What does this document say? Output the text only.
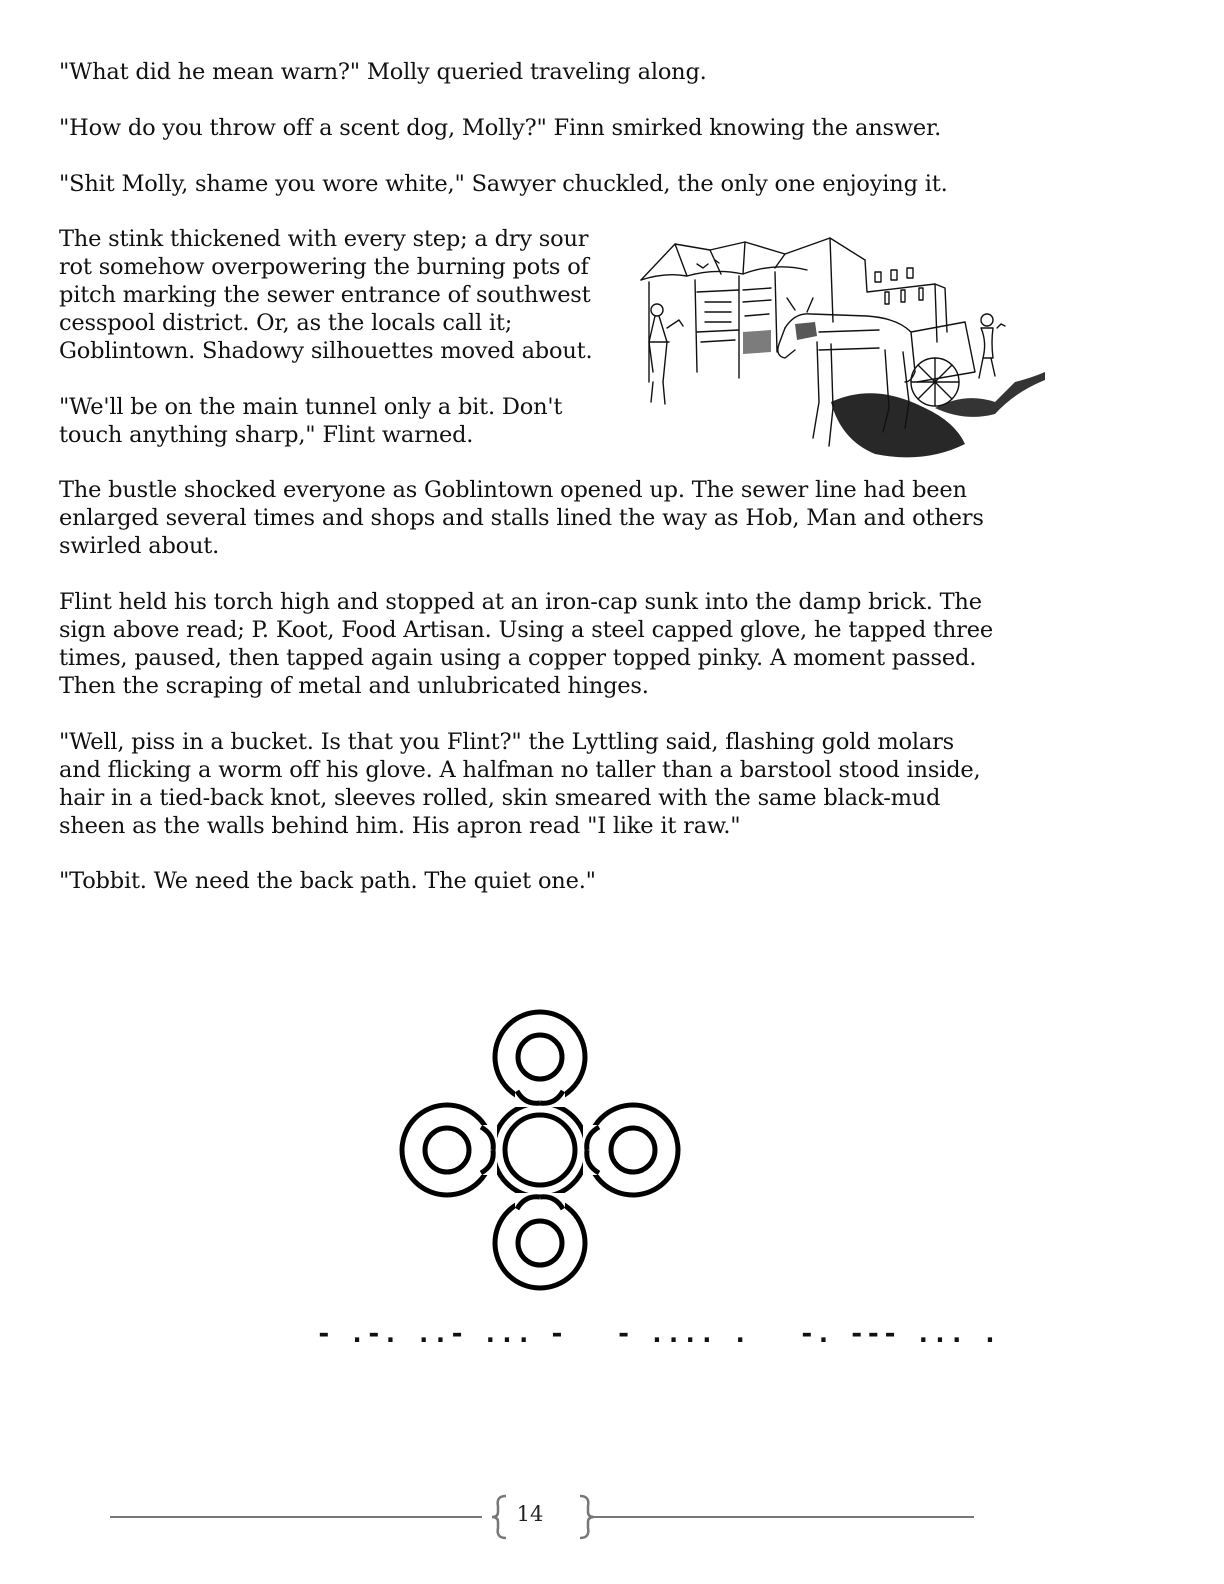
"What did he mean warn?" Molly queried traveling along.

"How do you throw off a scent dog, Molly?" Finn smirked knowing the answer.

"Shit Molly, shame you wore white," Sawyer chuckled, the only one enjoying it.

The stink thickened with every step; a dry sour
rot somehow overpowering the burning pots of
pitch marking the sewer entrance of southwest
cesspool district. Or, as the locals call it;
Goblintown. Shadowy silhouettes moved about.
"We'll be on the main tunnel only a bit. Don't
touch anything sharp," Flint warned.
The bustle shocked everyone as Goblintown opened up. The sewer line had been
enlarged several times and shops and stalls lined the way as Hob, Man and others
swirled about.
Flint held his torch high and stopped at an iron-cap sunk into the damp brick. The
sign above read; P. Koot, Food Artisan. Using a steel capped glove, he tapped three
times, paused, then tapped again using a copper topped pinky. A moment passed.
Then the scraping of metal and unlubricated hinges.
"Well, piss in a bucket. Is that you Flint?" the Lyttling said, flashing gold molars
and flicking a worm off his glove. A halfman no taller than a barstool stood inside,
hair in a tied-back knot, sleeves rolled, skin smeared with the same black-mud
sheen as the walls behind him. His apron read "I like it raw."

"Tobbit. We need the back path. The quiet one."

- .-. ..- ... -   - .... .   -. --- ... .
14
